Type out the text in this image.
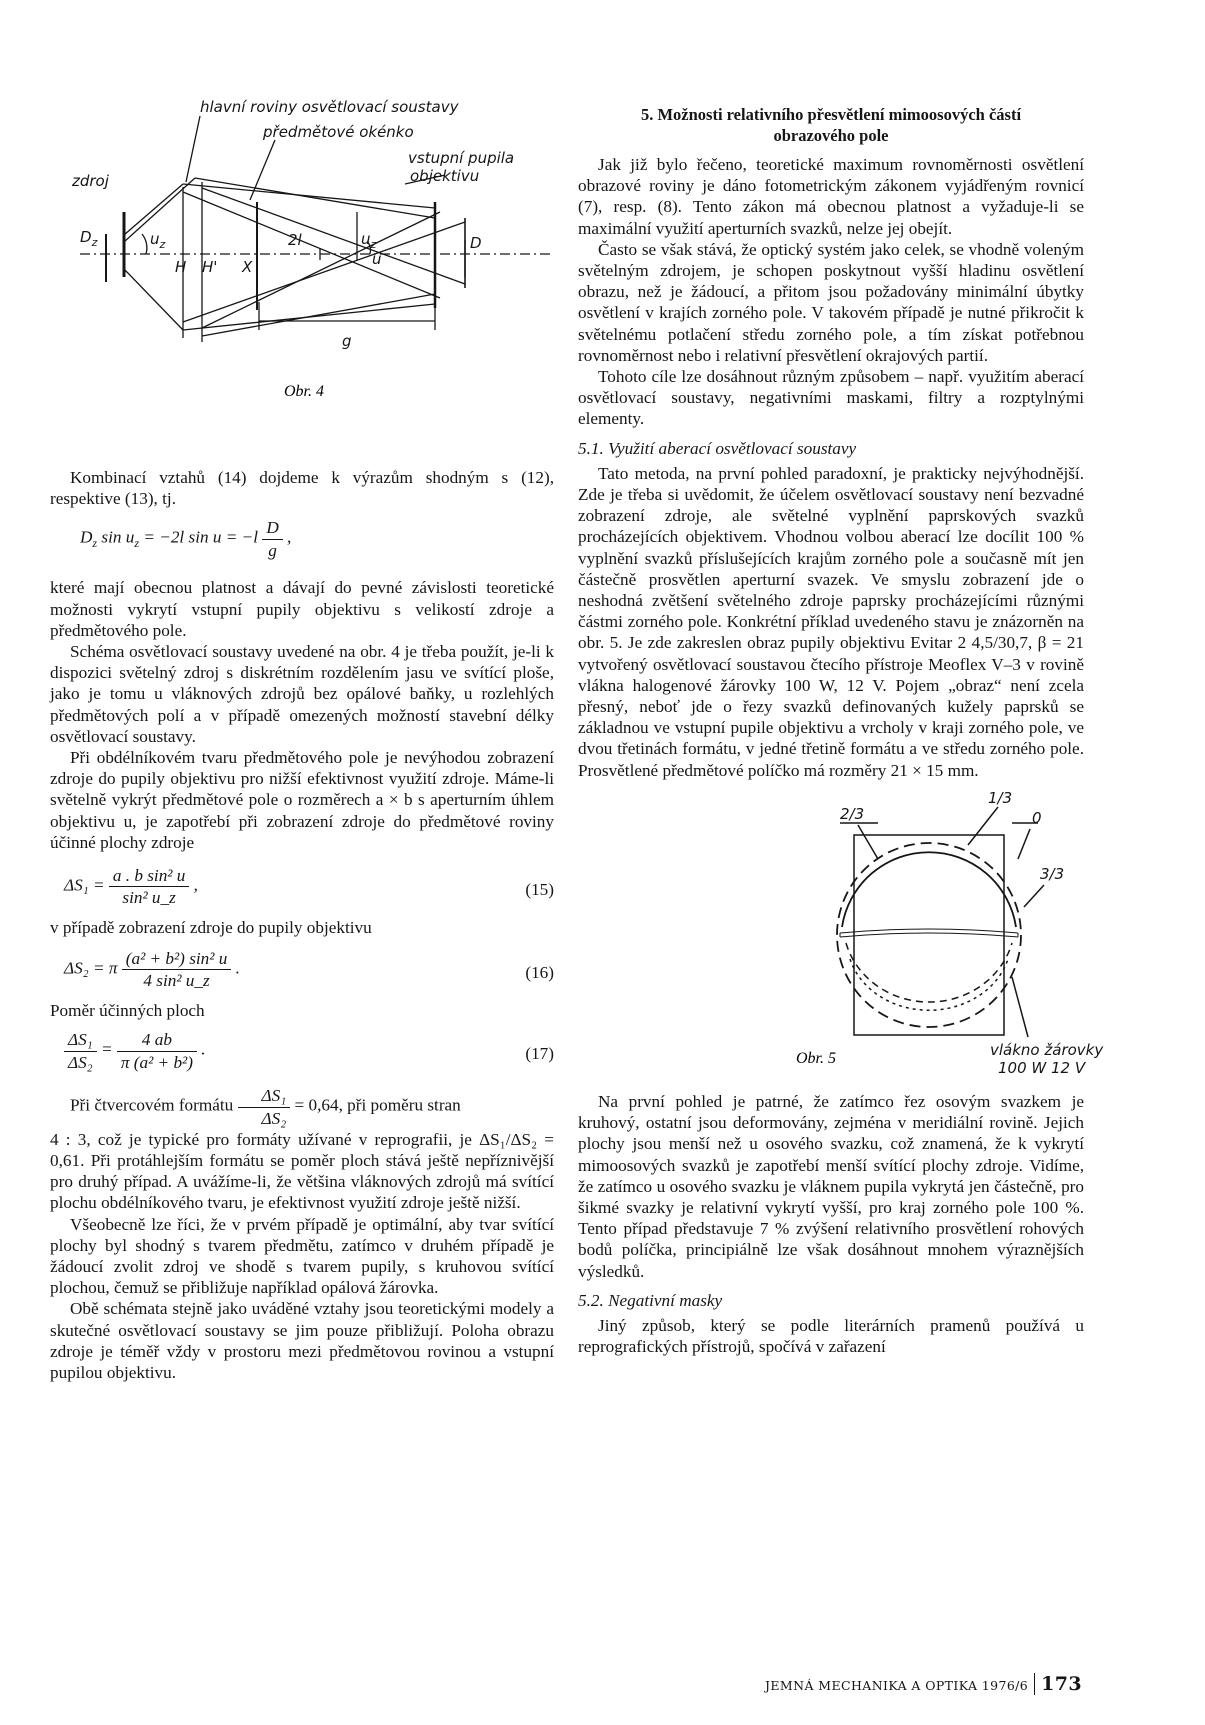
hlavní roviny osvětlovací soustavy
předmětové okénko
vstupní pupila
objektivu
zdroj
$D_z$	$u_z$
H H' X
2l	$u_z$
u
D
g
Obr. 4

Kombinací vztahů (14) dojdeme k výrazům shodným s (12), respektive (13), tj.

$D_z$ $\sin u_z = -2l$ $\sin u = -l \frac{D}{g}$ ,

které mají obecnou platnost a dávají do pevné závislosti teoretické možnosti vykrytí vstupní pupily objektivu s velikostí zdroje a předmětového pole.

Schéma osvětlovací soustavy uvedené na obr. 4 je třeba použít, je-li k dispozici světelný zdroj s diskrétním rozdělením jasu ve svítící ploše, jako je tomu u vláknových zdrojů bez opálové baňky, u rozlehlých předmětových polí a v případě omezených možností stavební délky osvětlovací soustavy.

Při obdélníkovém tvaru předmětového pole je nevýhodou zobrazení zdroje do pupily objektivu pro nižší efektivnost využití zdroje. Máme-li světelně vykrýt předmětové pole o rozměrech a × b s aperturním úhlem objektivu u, je zapotřebí při zobrazení zdroje do předmětové roviny účinné plochy zdroje

$\Delta S_1 = \frac{\text{a . b sin² u}}{\text{sin² u\_z}}$ ,	(15)

v případě zobrazení zdroje do pupily objektivu

ΔS₂ = π $\frac{\text{(a² + b²) sin² u}}{\text{4 sin² u\_z}}$ .	(16)

Poměr účinných ploch

$\frac{\text{ΔS₁}}{\text{ΔS₂}} = \frac{4 ab}{\text{π (a² + b²)}}$ .	(17)

Při čtvercovém formátu $\frac{\text{ΔS₁}}{\text{ΔS₂}} = 0,64$, při poměru stran

4 : 3, což je typické pro formáty užívané v reprografii, je ΔS₁/ΔS₂ = 0,61. Při protáhlejším formátu se poměr ploch stává ještě nepříznivější pro druhý případ. A uvážíme-li, že většina vláknových zdrojů má svítící plochu obdélníkového tvaru, je efektivnost využití zdroje ještě nižší.

Všeobecně lze říci, že v prvém případě je optimální, aby tvar svítící plochy byl shodný s tvarem předmětu, zatímco v druhém případě je žádoucí zvolit zdroj ve shodě s tvarem pupily, s kruhovou svítící plochou, čemuž se přibližuje například opálová žárovka.

Obě schémata stejně jako uváděné vztahy jsou teoretickými modely a skutečné osvětlovací soustavy se jim pouze přibližují. Poloha obrazu zdroje je téměř vždy v prostoru mezi předmětovou rovinou a vstupní pupilou objektivu.

5. Možnosti relativního přesvětlení mimoosových částí
obrazového pole

Jak již bylo řečeno, teoretické maximum rovnoměrnosti osvětlení obrazové roviny je dáno fotometrickým zákonem vyjádřeným rovnicí (7), resp. (8). Tento zákon má obecnou platnost a vyžaduje-li se maximální využití aperturních svazků, nelze jej obejít.

Často se však stává, že optický systém jako celek, se vhodně voleným světelným zdrojem, je schopen poskytnout vyšší hladinu osvětlení obrazu, než je žádoucí, a přitom jsou požadovány minimální úbytky osvětlení v krajích zorného pole. V takovém případě je nutné přikročit k světelnému potlačení středu zorného pole, a tím získat potřebnou rovnoměrnost nebo i relativní přesvětlení okrajových partií.

Tohoto cíle lze dosáhnout různým způsobem – např. využitím aberací osvětlovací soustavy, negativními maskami, filtry a rozptylnými elementy.

5.1. Využití aberací osvětlovací soustavy

Tato metoda, na první pohled paradoxní, je prakticky nejvýhodnější. Zde je třeba si uvědomit, že účelem osvětlovací soustavy není bezvadné zobrazení zdroje, ale světelné vyplnění paprskových svazků procházejících objektivem. Vhodnou volbou aberací lze docílit 100 % vyplnění svazků příslušejících krajům zorného pole a současně mít jen částečně prosvětlen aperturní svazek. Ve smyslu zobrazení jde o neshodná zvětšení světelného zdroje paprsky procházejícími různými částmi zorného pole. Konkrétní příklad uvedeného stavu je znázorněn na obr. 5. Je zde zakreslen obraz pupily objektivu Evitar 2 4,5/30,7, β = 21 vytvořený osvětlovací soustavou čtecího přístroje Meoflex V–3 v rovině vlákna halogenové žárovky 100 W, 12 V. Pojem „obraz“ není zcela přesný, neboť jde o řezy svazků definovaných kužely paprsků se základnou ve vstupní pupile objektivu a vrcholy v kraji zorného pole, ve dvou třetinách formátu, v jedné třetině formátu a ve středu zorného pole. Prosvětlené předmětové políčko má rozměry 21 × 15 mm.

1/3
2/3	0
3/3
vlákno žárovky
100 W 12 V
Obr. 5

Na první pohled je patrné, že zatímco řez osovým svazkem je kruhový, ostatní jsou deformovány, zejména v meridiální rovině. Jejich plochy jsou menší než u osového svazku, což znamená, že k vykrytí mimoosových svazků je zapotřebí menší svítící plochy zdroje. Vidíme, že zatímco u osového svazku je vláknem pupila vykrytá jen částečně, pro šikmé svazky je relativní vykrytí vyšší, pro kraj zorného pole 100 %. Tento případ představuje 7 % zvýšení relativního prosvětlení rohových bodů políčka, principiálně lze však dosáhnout mnohem výraznějších výsledků.

5.2. Negativní masky

Jiný způsob, který se podle literárních pramenů používá u reprografických přístrojů, spočívá v zařazení

JEMNÁ MECHANIKA A OPTIKA 1976/6 173
